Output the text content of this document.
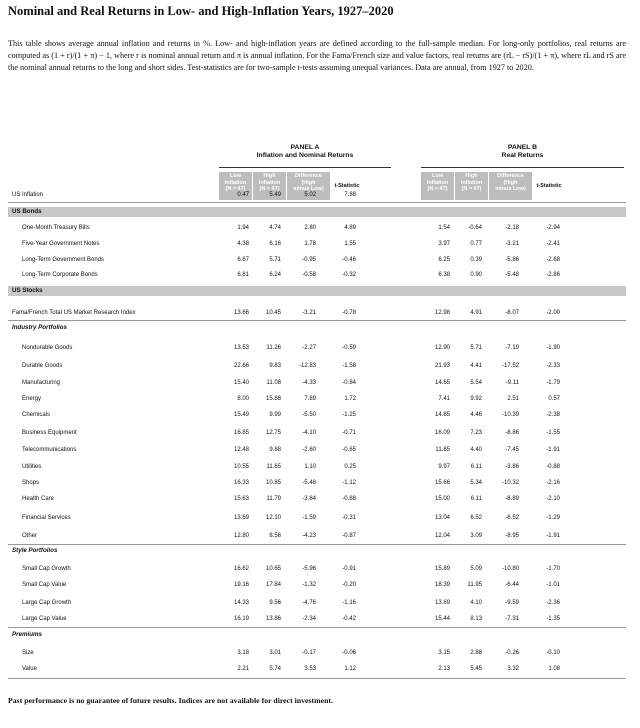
Nominal and Real Returns in Low- and High-Inflation Years, 1927–2020
This table shows average annual inflation and returns in %. Low- and high-inflation years are defined according to the full-sample median. For long-only portfolios, real returns are computed as (1 + r)/(1 + π) − 1, where r is nominal annual return and π is annual inflation. For the Fama/French size and value factors, real returns are (rL − rS)/(1 + π), where rL and rS are the nominal annual returns to the long and short sides. Test-statistics are for two-sample t-tests assuming unequal variances. Data are annual, from 1927 to 2020.
PANEL A
Inflation and Nominal Returns
PANEL B
Real Returns
Low
Inflation
(N = 47)
High
Inflation
(N = 47)
Difference
(High
minus Low)	t-Statistic
Low
Inflation
(N = 47)
High
Inflation
(N = 47)
Difference
(High
minus Low)	t-Statistic
US Inflation	0.47	5.49	5.02	7.88
US Bonds
One-Month Treasury Bills	1.94	4.74	2.80	4.89	1.54	-0.64	-2.18	-2.94
Five-Year Government Notes	4.38	6.16	1.78	1.55	3.97	0.77	-3.21	-2.41
Long-Term Government Bonds	6.67	5.71	-0.95	-0.46	6.25	0.39	-5.86	-2.68
Long-Term Corporate Bonds	6.81	6.24	-0.58	-0.32	6.38	0.90	-5.48	-2.86
US Stocks
Fama/French Total US Market Research Index	13.66	10.45	-3.21	-0.78	12.98	4.91	-8.07	-2.00
Industry Portfolios
Nondurable Goods	13.53	11.26	-2.27	-0.59	12.90	5.71	-7.19	-1.90
Durable Goods	22.66	9.83	-12.83	-1.58	21.93	4.41	-17.52	-2.33
Manufacturing	15.40	11.08	-4.33	-0.84	14.65	5.54	-9.11	-1.79
Energy	8.00	15.88	7.89	1.72	7.41	9.92	2.51	0.57
Chemicals	15.49	9.99	-5.50	-1.25	14.85	4.46	-10.39	-2.38
Business Equipment	16.85	12.75	-4.10	-0.71	16.09	7.23	-8.86	-1.55
Telecommunications	12.48	9.88	-2.60	-0.65	11.85	4.40	-7.45	-1.91
Utilities	10.55	11.65	1.10	0.25	9.97	6.11	-3.86	-0.88
Shops	16.33	10.85	-5.48	-1.12	15.66	5.34	-10.32	-2.16
Health Care	15.63	11.79	-3.84	-0.88	15.00	6.11	-8.89	-2.10
Financial Services	13.69	12.10	-1.59	-0.31	13.04	6.52	-6.52	-1.29
Other	12.80	8.56	-4.23	-0.87	12.04	3.09	-8.95	-1.91
Style Portfolios
Small Cap Growth	16.62	10.65	-5.96	-0.91	15.89	5.09	-10.80	-1.70
Small Cap Value	19.16	17.84	-1.32	-0.20	18.39	11.95	-6.44	-1.01
Large Cap Growth	14.33	9.56	-4.76	-1.16	13.69	4.10	-9.59	-2.36
Large Cap Value	16.19	13.86	-2.34	-0.42	15.44	8.13	-7.31	-1.35
Premiums
Size	3.18	3.01	-0.17	-0.06	3.15	2.88	-0.26	-0.10
Value	2.21	5.74	3.53	1.12	2.13	5.45	3.32	1.08
Past performance is no guarantee of future results. Indices are not available for direct investment.
